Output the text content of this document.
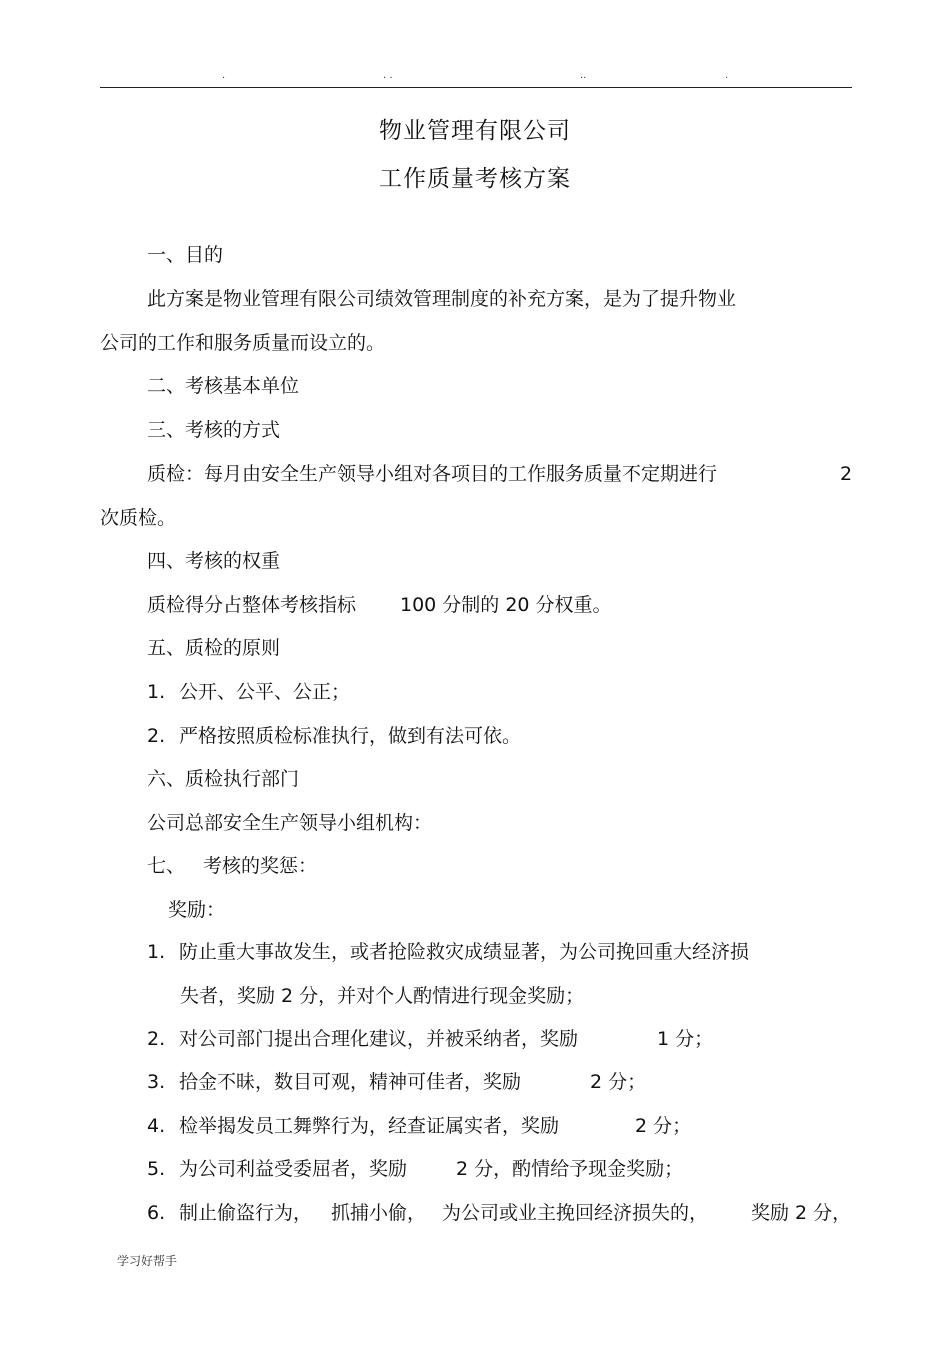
.	. .	..	.
物业管理有限公司
工作质量考核方案
一、目的
此方案是物业管理有限公司绩效管理制度的补充方案，是为了提升物业
公司的工作和服务质量而设立的。
二、考核基本单位
三、考核的方式
质检：每月由安全生产领导小组对各项目的工作服务质量不定期进行	2
次质检。
四、考核的权重
质检得分占整体考核指标 100 分制的 20 分权重。
五、质检的原则
1. 公开、公平、公正；
2. 严格按照质检标准执行，做到有法可依。
六、质检执行部门
公司总部安全生产领导小组机构：
七、 考核的奖惩：
奖励：
1. 防止重大事故发生，或者抢险救灾成绩显著，为公司挽回重大经济损
失者，奖励 2 分，并对个人酌情进行现金奖励；
2. 对公司部门提出合理化建议，并被采纳者，奖励	1 分；
3. 拾金不昧，数目可观，精神可佳者，奖励	2 分；
4. 检举揭发员工舞弊行为，经查证属实者，奖励	2 分；
5. 为公司利益受委屈者，奖励	2 分，酌情给予现金奖励；
6. 制止偷盗行为， 抓捕小偷， 为公司或业主挽回经济损失的， 奖励 2 分，
学习好帮手
